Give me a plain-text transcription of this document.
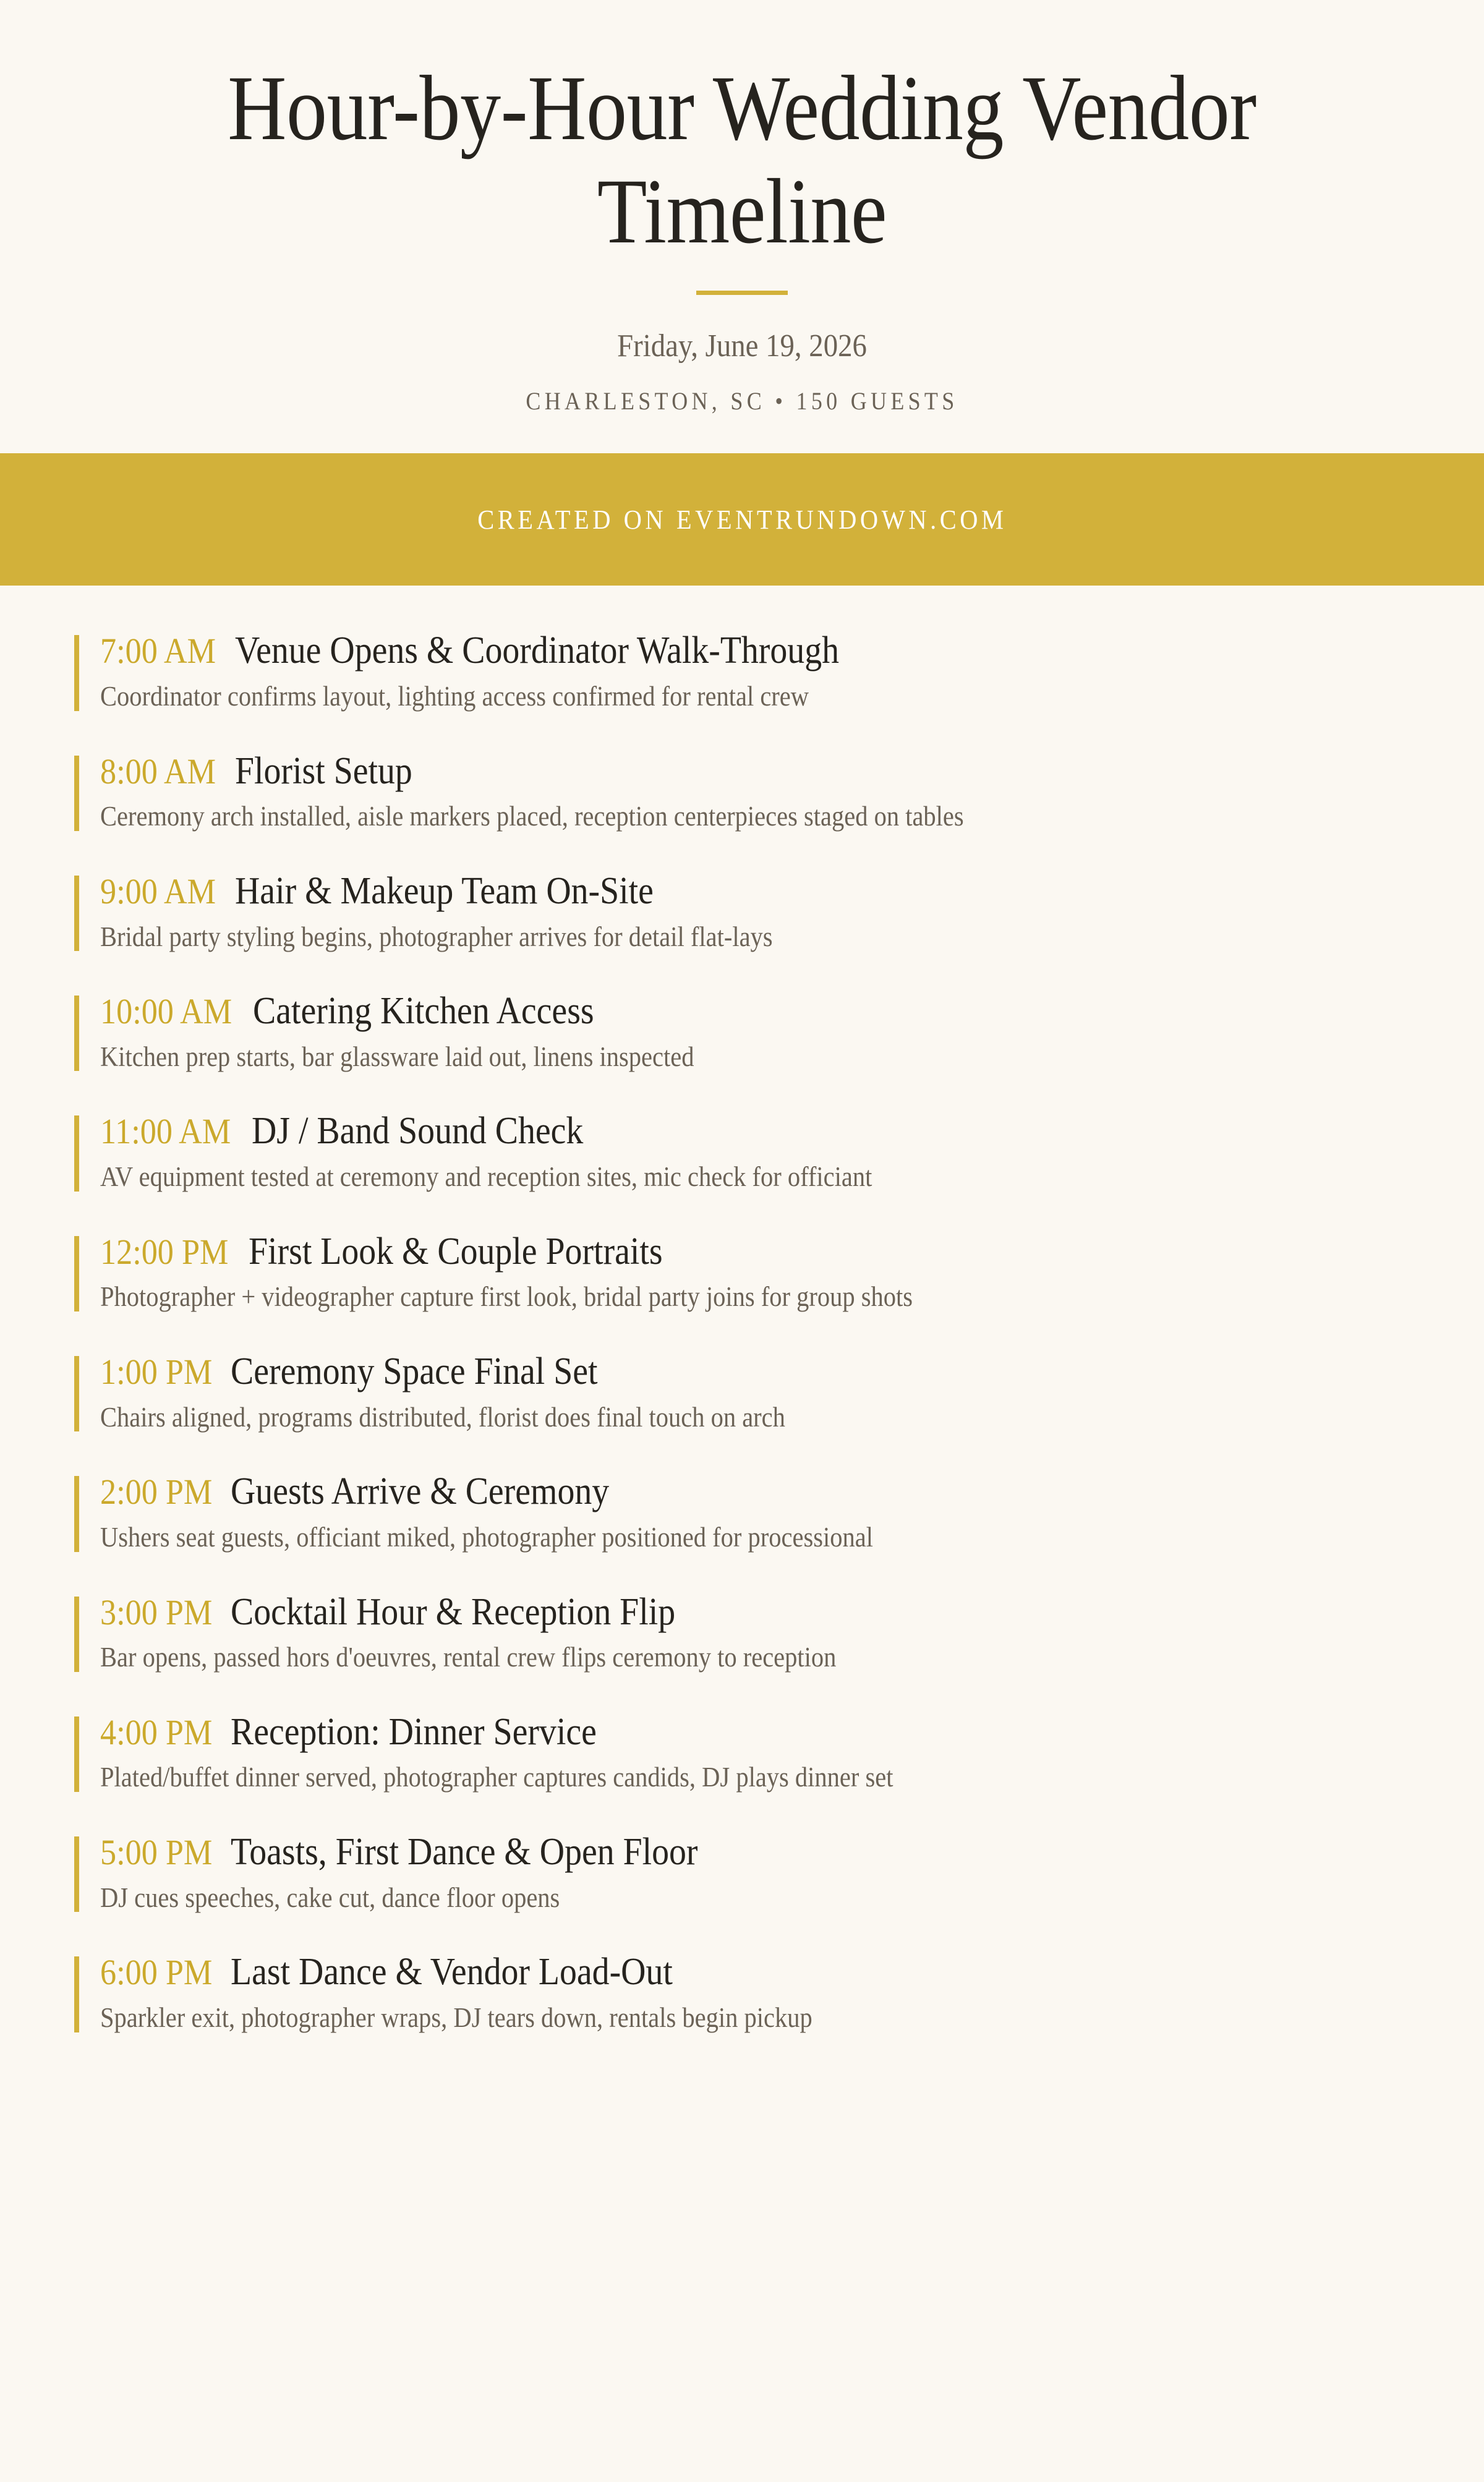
Hour-by-Hour Wedding Vendor Timeline
Friday, June 19, 2026
CHARLESTON, SC • 150 GUESTS
CREATED ON EVENTRUNDOWN.COM
7:00 AM Venue Opens & Coordinator Walk-Through
Coordinator confirms layout, lighting access confirmed for rental crew
8:00 AM Florist Setup
Ceremony arch installed, aisle markers placed, reception centerpieces staged on tables
9:00 AM Hair & Makeup Team On-Site
Bridal party styling begins, photographer arrives for detail flat-lays
10:00 AM Catering Kitchen Access
Kitchen prep starts, bar glassware laid out, linens inspected
11:00 AM DJ / Band Sound Check
AV equipment tested at ceremony and reception sites, mic check for officiant
12:00 PM First Look & Couple Portraits
Photographer + videographer capture first look, bridal party joins for group shots
1:00 PM Ceremony Space Final Set
Chairs aligned, programs distributed, florist does final touch on arch
2:00 PM Guests Arrive & Ceremony
Ushers seat guests, officiant miked, photographer positioned for processional
3:00 PM Cocktail Hour & Reception Flip
Bar opens, passed hors d'oeuvres, rental crew flips ceremony to reception
4:00 PM Reception: Dinner Service
Plated/buffet dinner served, photographer captures candids, DJ plays dinner set
5:00 PM Toasts, First Dance & Open Floor
DJ cues speeches, cake cut, dance floor opens
6:00 PM Last Dance & Vendor Load-Out
Sparkler exit, photographer wraps, DJ tears down, rentals begin pickup
